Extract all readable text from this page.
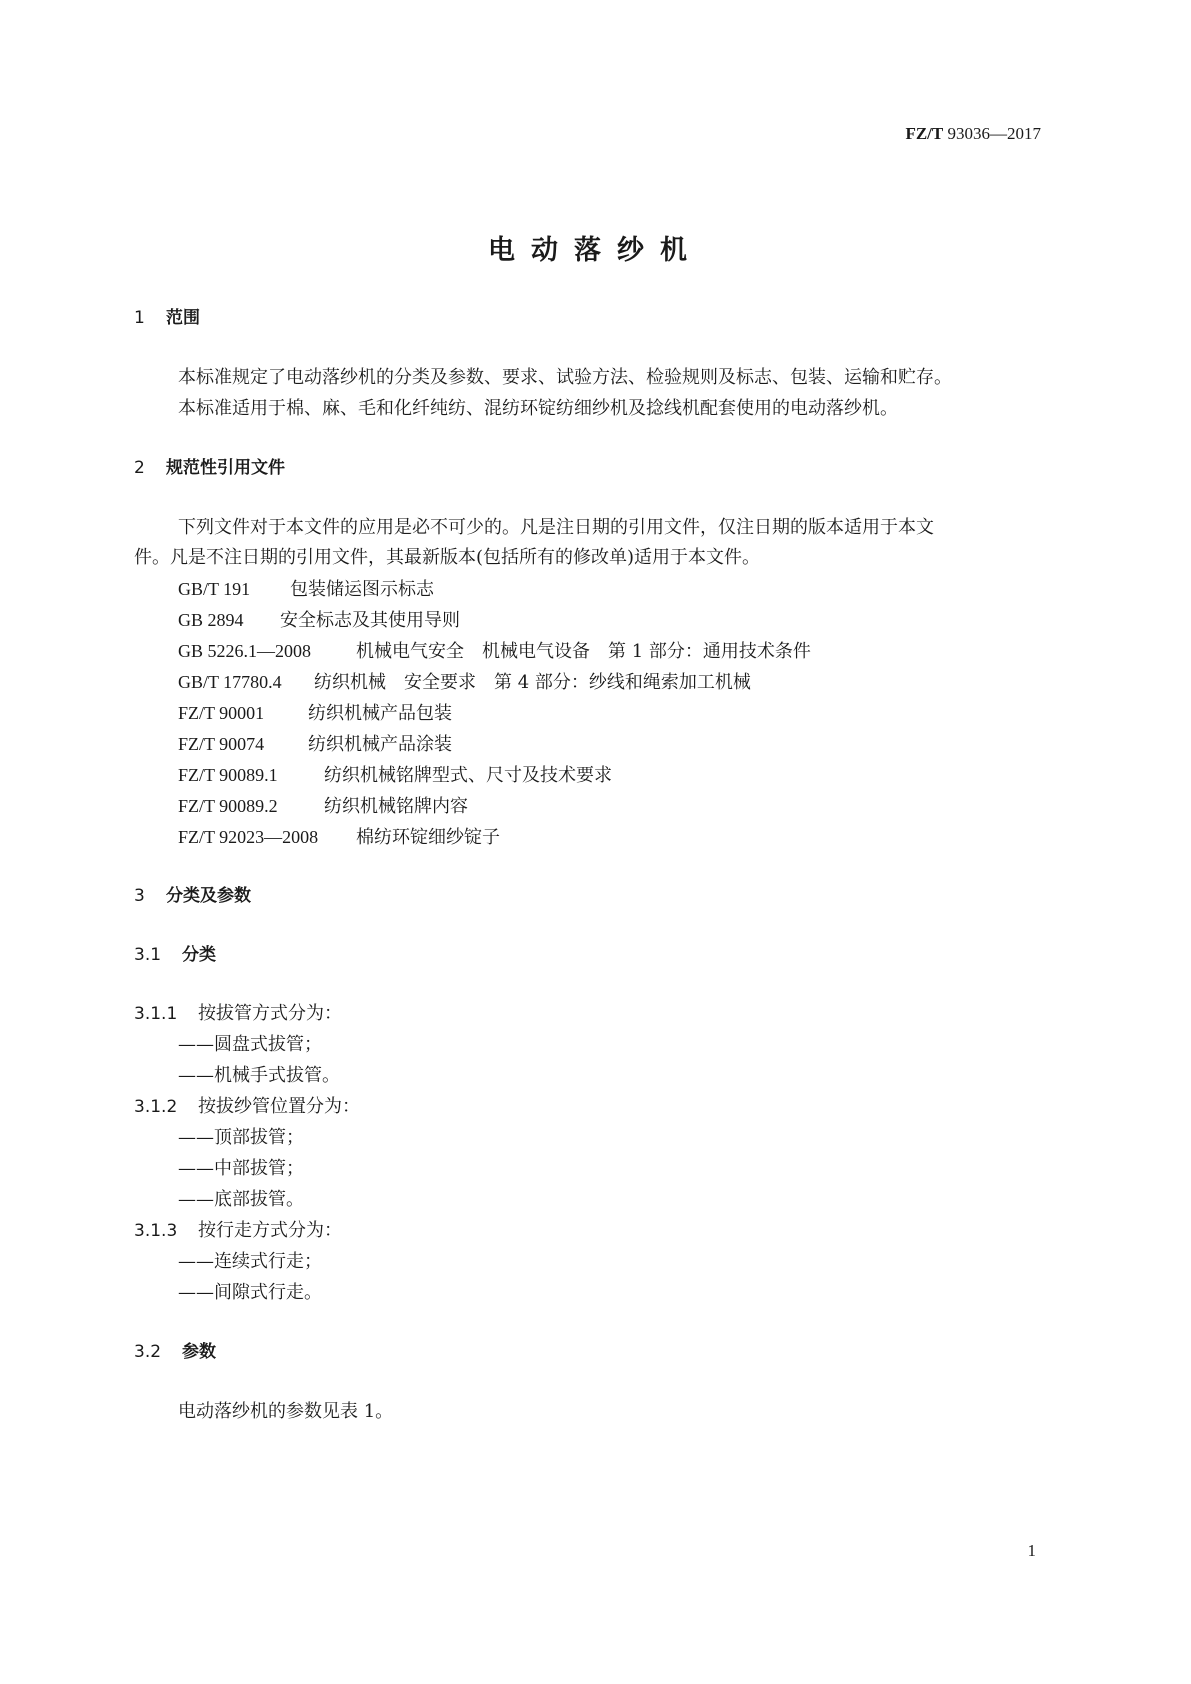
FZ/T 93036—2017
电动落纱机
1 范围
本标准规定了电动落纱机的分类及参数、要求、试验方法、检验规则及标志、包装、运输和贮存。
本标准适用于棉、麻、毛和化纤纯纺、混纺环锭纺细纱机及捻线机配套使用的电动落纱机。
2 规范性引用文件
下列文件对于本文件的应用是必不可少的。凡是注日期的引用文件，仅注日期的版本适用于本文
件。凡是不注日期的引用文件，其最新版本(包括所有的修改单)适用于本文件。
GB/T 191 包装储运图示标志
GB 2894 安全标志及其使用导则
GB 5226.1—2008 机械电气安全　机械电气设备　第 1 部分：通用技术条件
GB/T 17780.4 纺织机械　安全要求　第 4 部分：纱线和绳索加工机械
FZ/T 90001 纺织机械产品包装
FZ/T 90074 纺织机械产品涂装
FZ/T 90089.1	纺织机械铭牌型式、尺寸及技术要求
FZ/T 90089.2	纺织机械铭牌内容
FZ/T 92023—2008 棉纺环锭细纱锭子
3 分类及参数
3.1 分类
3.1.1 按拔管方式分为：
——圆盘式拔管；
——机械手式拔管。
3.1.2 按拔纱管位置分为：
——顶部拔管；
——中部拔管；
——底部拔管。
3.1.3 按行走方式分为：
——连续式行走；
——间隙式行走。
3.2 参数
电动落纱机的参数见表 1。
1
